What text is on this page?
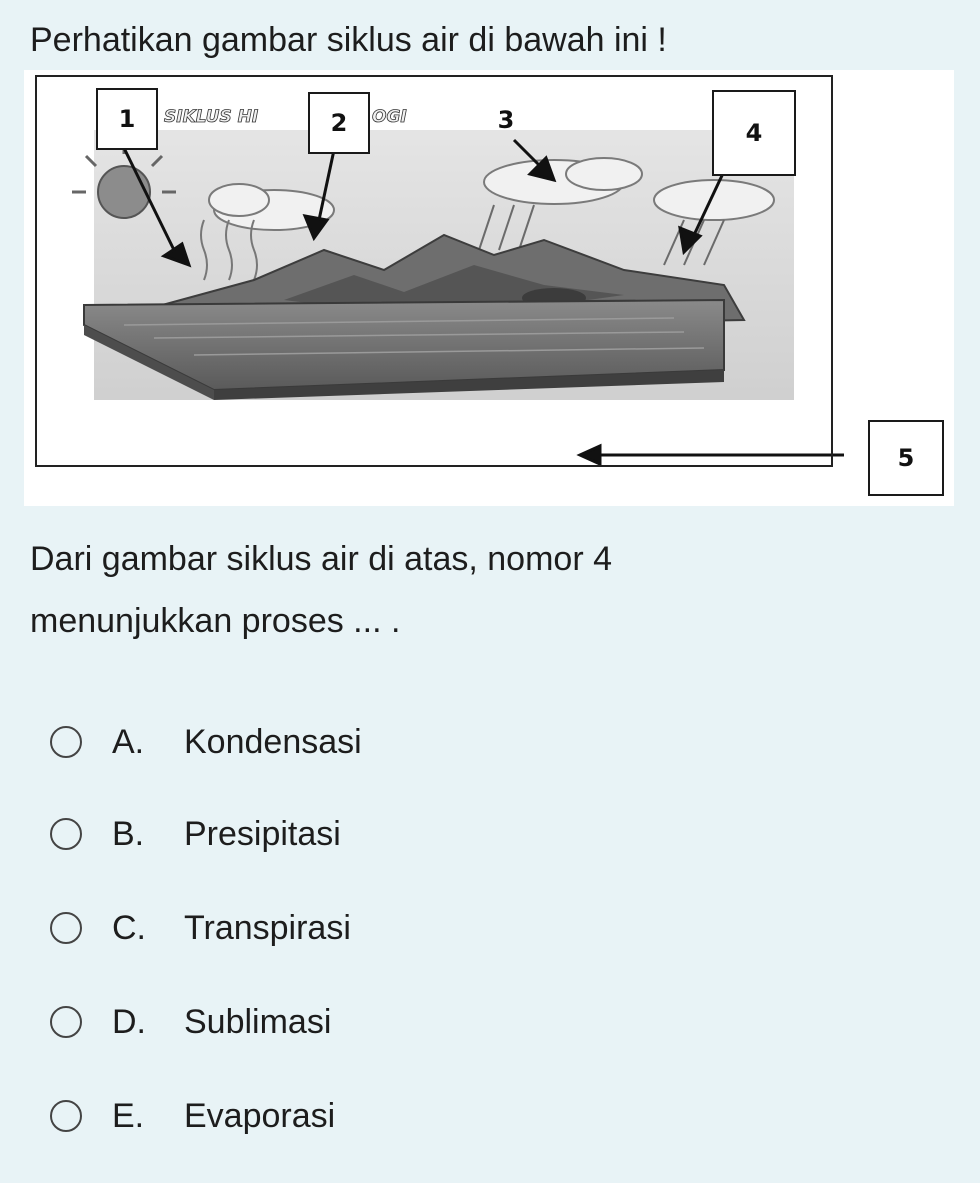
Perhatikan gambar siklus air di bawah ini !
SIKLUS HI	OGI
1	2	3	4
5

Dari gambar siklus air di atas, nomor 4
menunjukkan proses ... .

A.	Kondensasi
B.	Presipitasi
C.	Transpirasi
D.	Sublimasi
E.	Evaporasi
